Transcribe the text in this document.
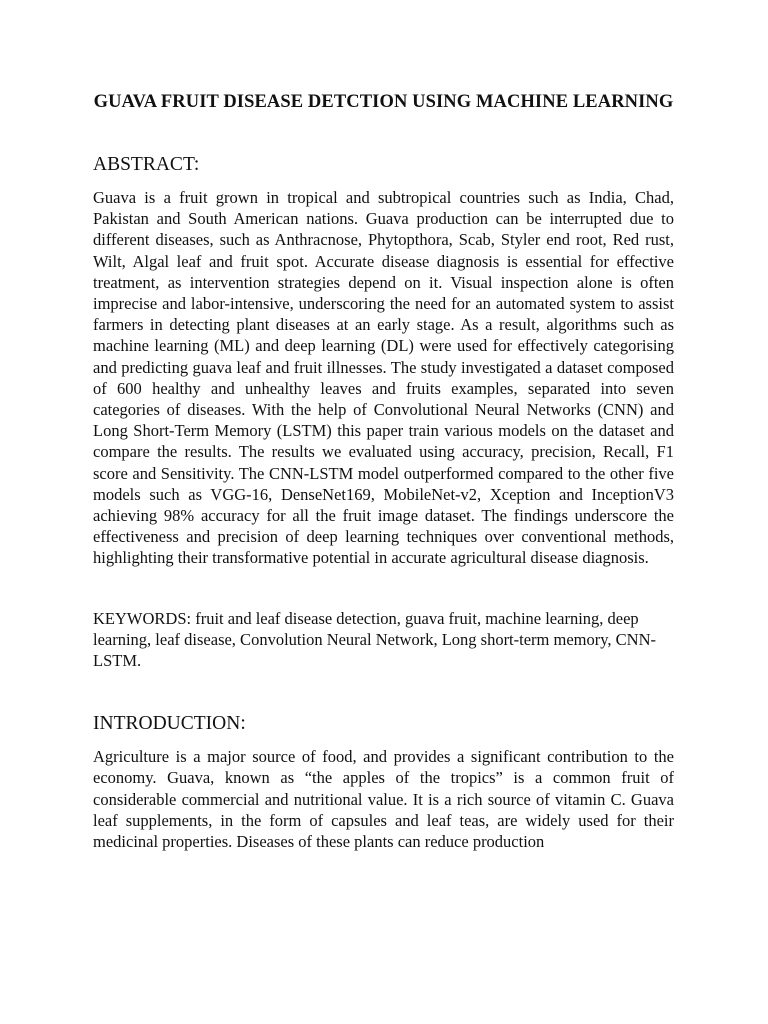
GUAVA FRUIT DISEASE DETCTION USING MACHINE LEARNING
ABSTRACT:

Guava is a fruit grown in tropical and subtropical countries such as India, Chad, Pakistan and South American nations. Guava production can be interrupted due to different diseases, such as Anthracnose, Phytopthora, Scab, Styler end root, Red rust, Wilt, Algal leaf and fruit spot. Accurate disease diagnosis is essential for effective treatment, as intervention strategies depend on it. Visual inspection alone is often imprecise and labor-intensive, underscoring the need for an automated system to assist farmers in detecting plant diseases at an early stage. As a result, algorithms such as machine learning (ML) and deep learning (DL) were used for effectively categorising and predicting guava leaf and fruit illnesses. The study investigated a dataset composed of 600 healthy and unhealthy leaves and fruits examples, separated into seven categories of diseases. With the help of Convolutional Neural Networks (CNN) and Long Short-Term Memory (LSTM) this paper train various models on the dataset and compare the results. The results we evaluated using accuracy, precision, Recall, F1 score and Sensitivity. The CNN-LSTM model outperformed compared to the other five models such as VGG-16, DenseNet169, MobileNet-v2, Xception and InceptionV3 achieving 98% accuracy for all the fruit image dataset. The findings underscore the effectiveness and precision of deep learning techniques over conventional methods, highlighting their transformative potential in accurate agricultural disease diagnosis.

KEYWORDS: fruit and leaf disease detection, guava fruit, machine learning, deep learning, leaf disease, Convolution Neural Network, Long short-term memory, CNN-LSTM.

INTRODUCTION:

Agriculture is a major source of food, and provides a significant contribution to the economy. Guava, known as “the apples of the tropics” is a common fruit of considerable commercial and nutritional value. It is a rich source of vitamin C. Guava leaf supplements, in the form of capsules and leaf teas, are widely used for their medicinal properties. Diseases of these plants can reduce production
